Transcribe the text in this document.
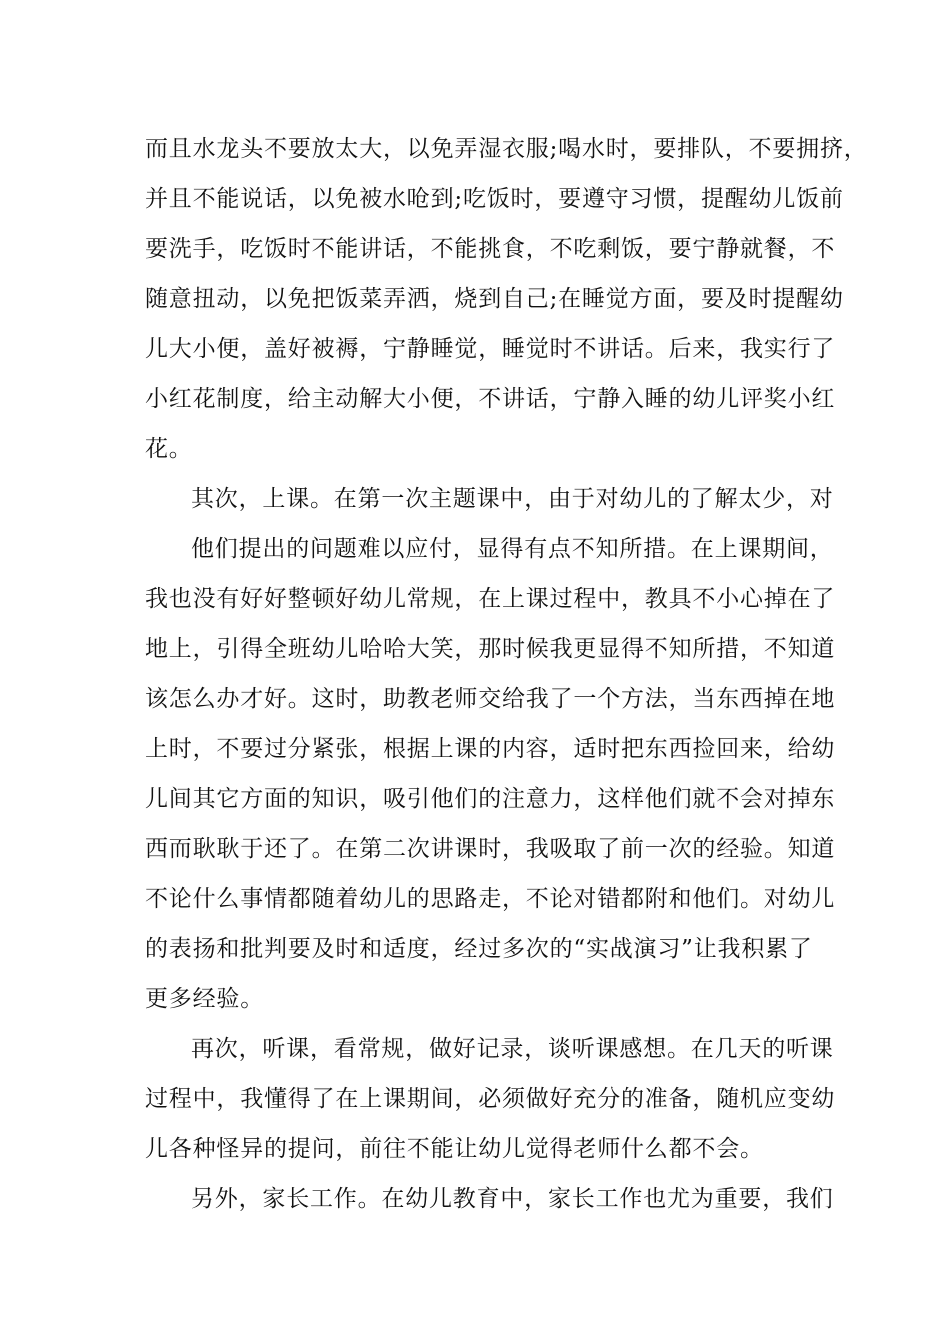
而且水龙头不要放太大，以免弄湿衣服;喝水时，要排队，不要拥挤，
并且不能说话，以免被水呛到;吃饭时，要遵守习惯，提醒幼儿饭前
要洗手，吃饭时不能讲话，不能挑食，不吃剩饭，要宁静就餐，不
随意扭动，以免把饭菜弄洒，烧到自己;在睡觉方面，要及时提醒幼
儿大小便，盖好被褥，宁静睡觉，睡觉时不讲话。后来，我实行了
小红花制度，给主动解大小便，不讲话，宁静入睡的幼儿评奖小红
花。
其次，上课。在第一次主题课中，由于对幼儿的了解太少，对
他们提出的问题难以应付，显得有点不知所措。在上课期间，
我也没有好好整顿好幼儿常规，在上课过程中，教具不小心掉在了
地上，引得全班幼儿哈哈大笑，那时候我更显得不知所措，不知道
该怎么办才好。这时，助教老师交给我了一个方法，当东西掉在地
上时，不要过分紧张，根据上课的内容，适时把东西捡回来，给幼
儿间其它方面的知识，吸引他们的注意力，这样他们就不会对掉东
西而耿耿于还了。在第二次讲课时，我吸取了前一次的经验。知道
不论什么事情都随着幼儿的思路走，不论对错都附和他们。对幼儿
的表扬和批判要及时和适度，经过多次的“实战演习”让我积累了
更多经验。
再次，听课，看常规，做好记录，谈听课感想。在几天的听课
过程中，我懂得了在上课期间，必须做好充分的准备，随机应变幼
儿各种怪异的提问，前往不能让幼儿觉得老师什么都不会。
另外，家长工作。在幼儿教育中，家长工作也尤为重要，我们
